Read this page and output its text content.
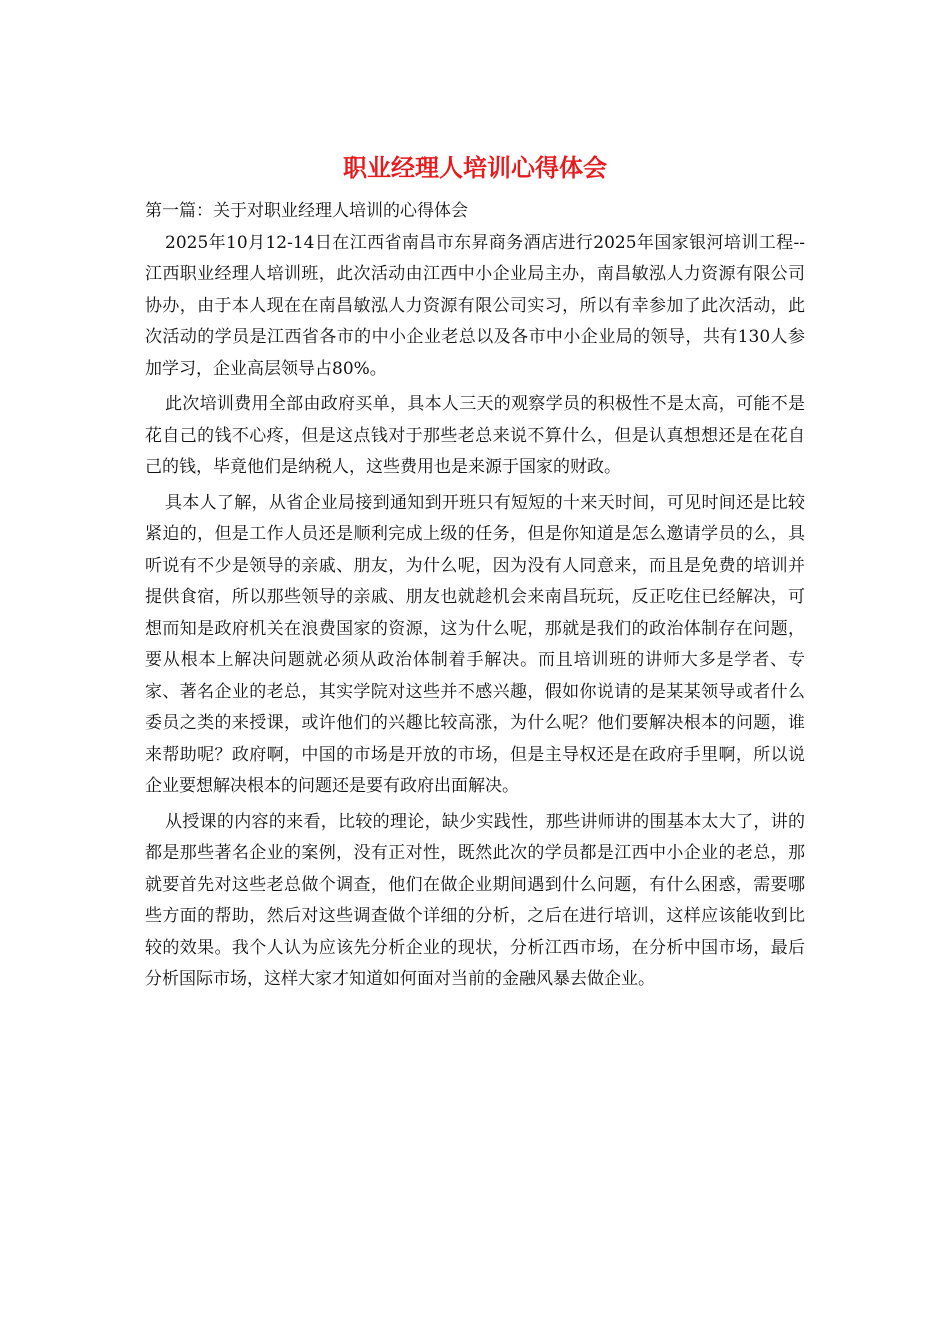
职业经理人培训心得体会

第一篇：关于对职业经理人培训的心得体会

2025年10月12-14日在江西省南昌市东昇商务酒店进行2025年国家银河培训工程--江西职业经理人培训班，此次活动由江西中小企业局主办，南昌敏泓人力资源有限公司协办，由于本人现在在南昌敏泓人力资源有限公司实习，所以有幸参加了此次活动，此次活动的学员是江西省各市的中小企业老总以及各市中小企业局的领导，共有130人参加学习，企业高层领导占80%。

此次培训费用全部由政府买单，具本人三天的观察学员的积极性不是太高，可能不是花自己的钱不心疼，但是这点钱对于那些老总来说不算什么，但是认真想想还是在花自己的钱，毕竟他们是纳税人，这些费用也是来源于国家的财政。

具本人了解，从省企业局接到通知到开班只有短短的十来天时间，可见时间还是比较紧迫的，但是工作人员还是顺利完成上级的任务，但是你知道是怎么邀请学员的么，具听说有不少是领导的亲戚、朋友，为什么呢，因为没有人同意来，而且是免费的培训并提供食宿，所以那些领导的亲戚、朋友也就趁机会来南昌玩玩，反正吃住已经解决，可想而知是政府机关在浪费国家的资源，这为什么呢，那就是我们的政治体制存在问题，要从根本上解决问题就必须从政治体制着手解决。而且培训班的讲师大多是学者、专家、著名企业的老总，其实学院对这些并不感兴趣，假如你说请的是某某领导或者什么委员之类的来授课，或许他们的兴趣比较高涨，为什么呢？他们要解决根本的问题，谁来帮助呢？政府啊，中国的市场是开放的市场，但是主导权还是在政府手里啊，所以说企业要想解决根本的问题还是要有政府出面解决。

从授课的内容的来看，比较的理论，缺少实践性，那些讲师讲的围基本太大了，讲的都是那些著名企业的案例，没有正对性，既然此次的学员都是江西中小企业的老总，那就要首先对这些老总做个调查，他们在做企业期间遇到什么问题，有什么困惑，需要哪些方面的帮助，然后对这些调查做个详细的分析，之后在进行培训，这样应该能收到比较的效果。我个人认为应该先分析企业的现状，分析江西市场，在分析中国市场，最后分析国际市场，这样大家才知道如何面对当前的金融风暴去做企业。
